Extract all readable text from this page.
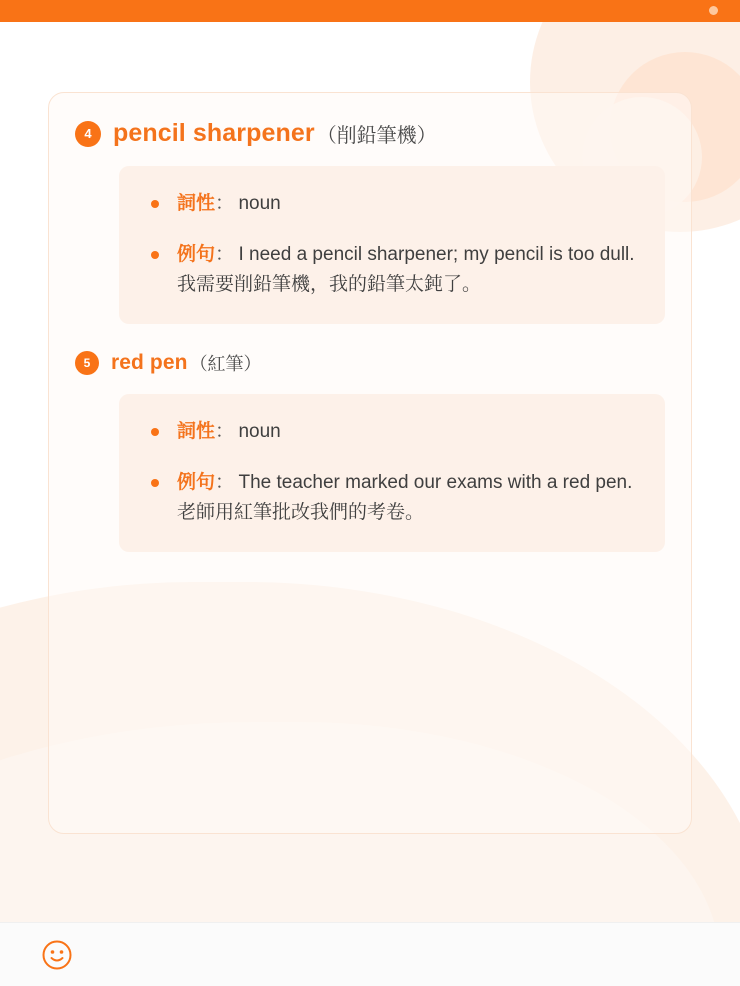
4 pencil sharpener （削鉛筆機）
詞性： noun
例句： I need a pencil sharpener; my pencil is too dull.
我需要削鉛筆機，我的鉛筆太鈍了。
5 red pen （紅筆）
詞性： noun
例句： The teacher marked our exams with a red pen.
老師用紅筆批改我們的考卷。
